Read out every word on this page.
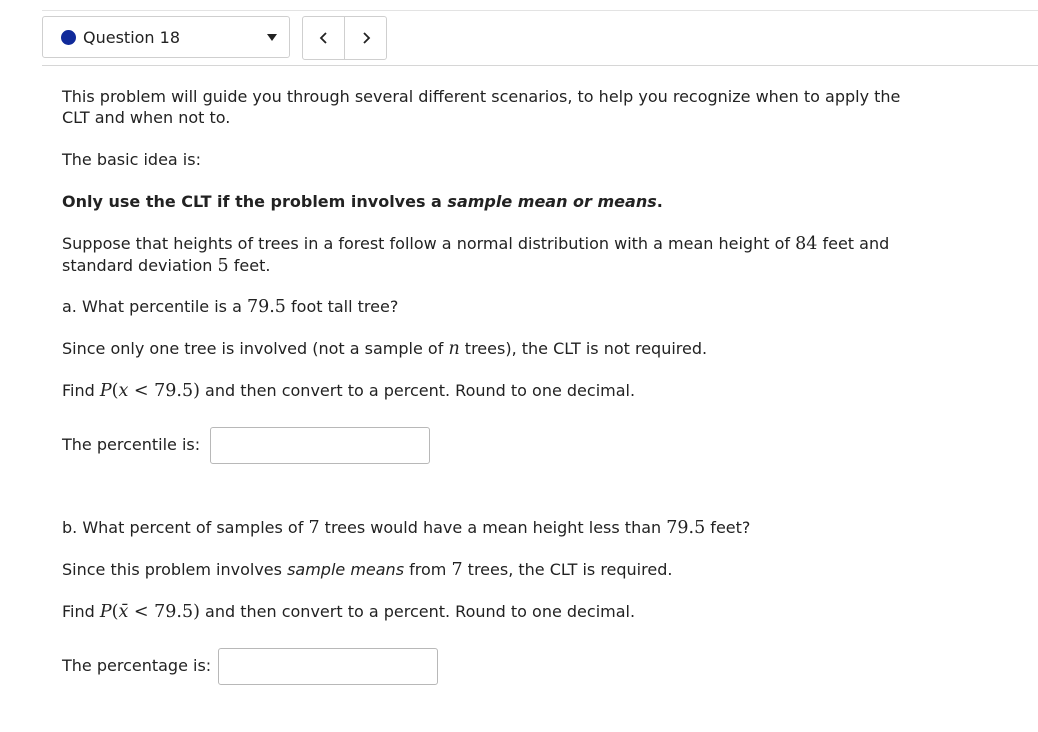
Question 18
This problem will guide you through several different scenarios, to help you recognize when to apply the
CLT and when not to.
The basic idea is:
Only use the CLT if the problem involves a sample mean or means.
Suppose that heights of trees in a forest follow a normal distribution with a mean height of 84 feet and
standard deviation 5 feet.
a. What percentile is a 79.5 foot tall tree?
Since only one tree is involved (not a sample of n trees), the CLT is not required.
Find P(x < 79.5) and then convert to a percent. Round to one decimal.
The percentile is:
b. What percent of samples of 7 trees would have a mean height less than 79.5 feet?
Since this problem involves sample means from 7 trees, the CLT is required.
Find P(x̄ < 79.5) and then convert to a percent. Round to one decimal.
The percentage is:
